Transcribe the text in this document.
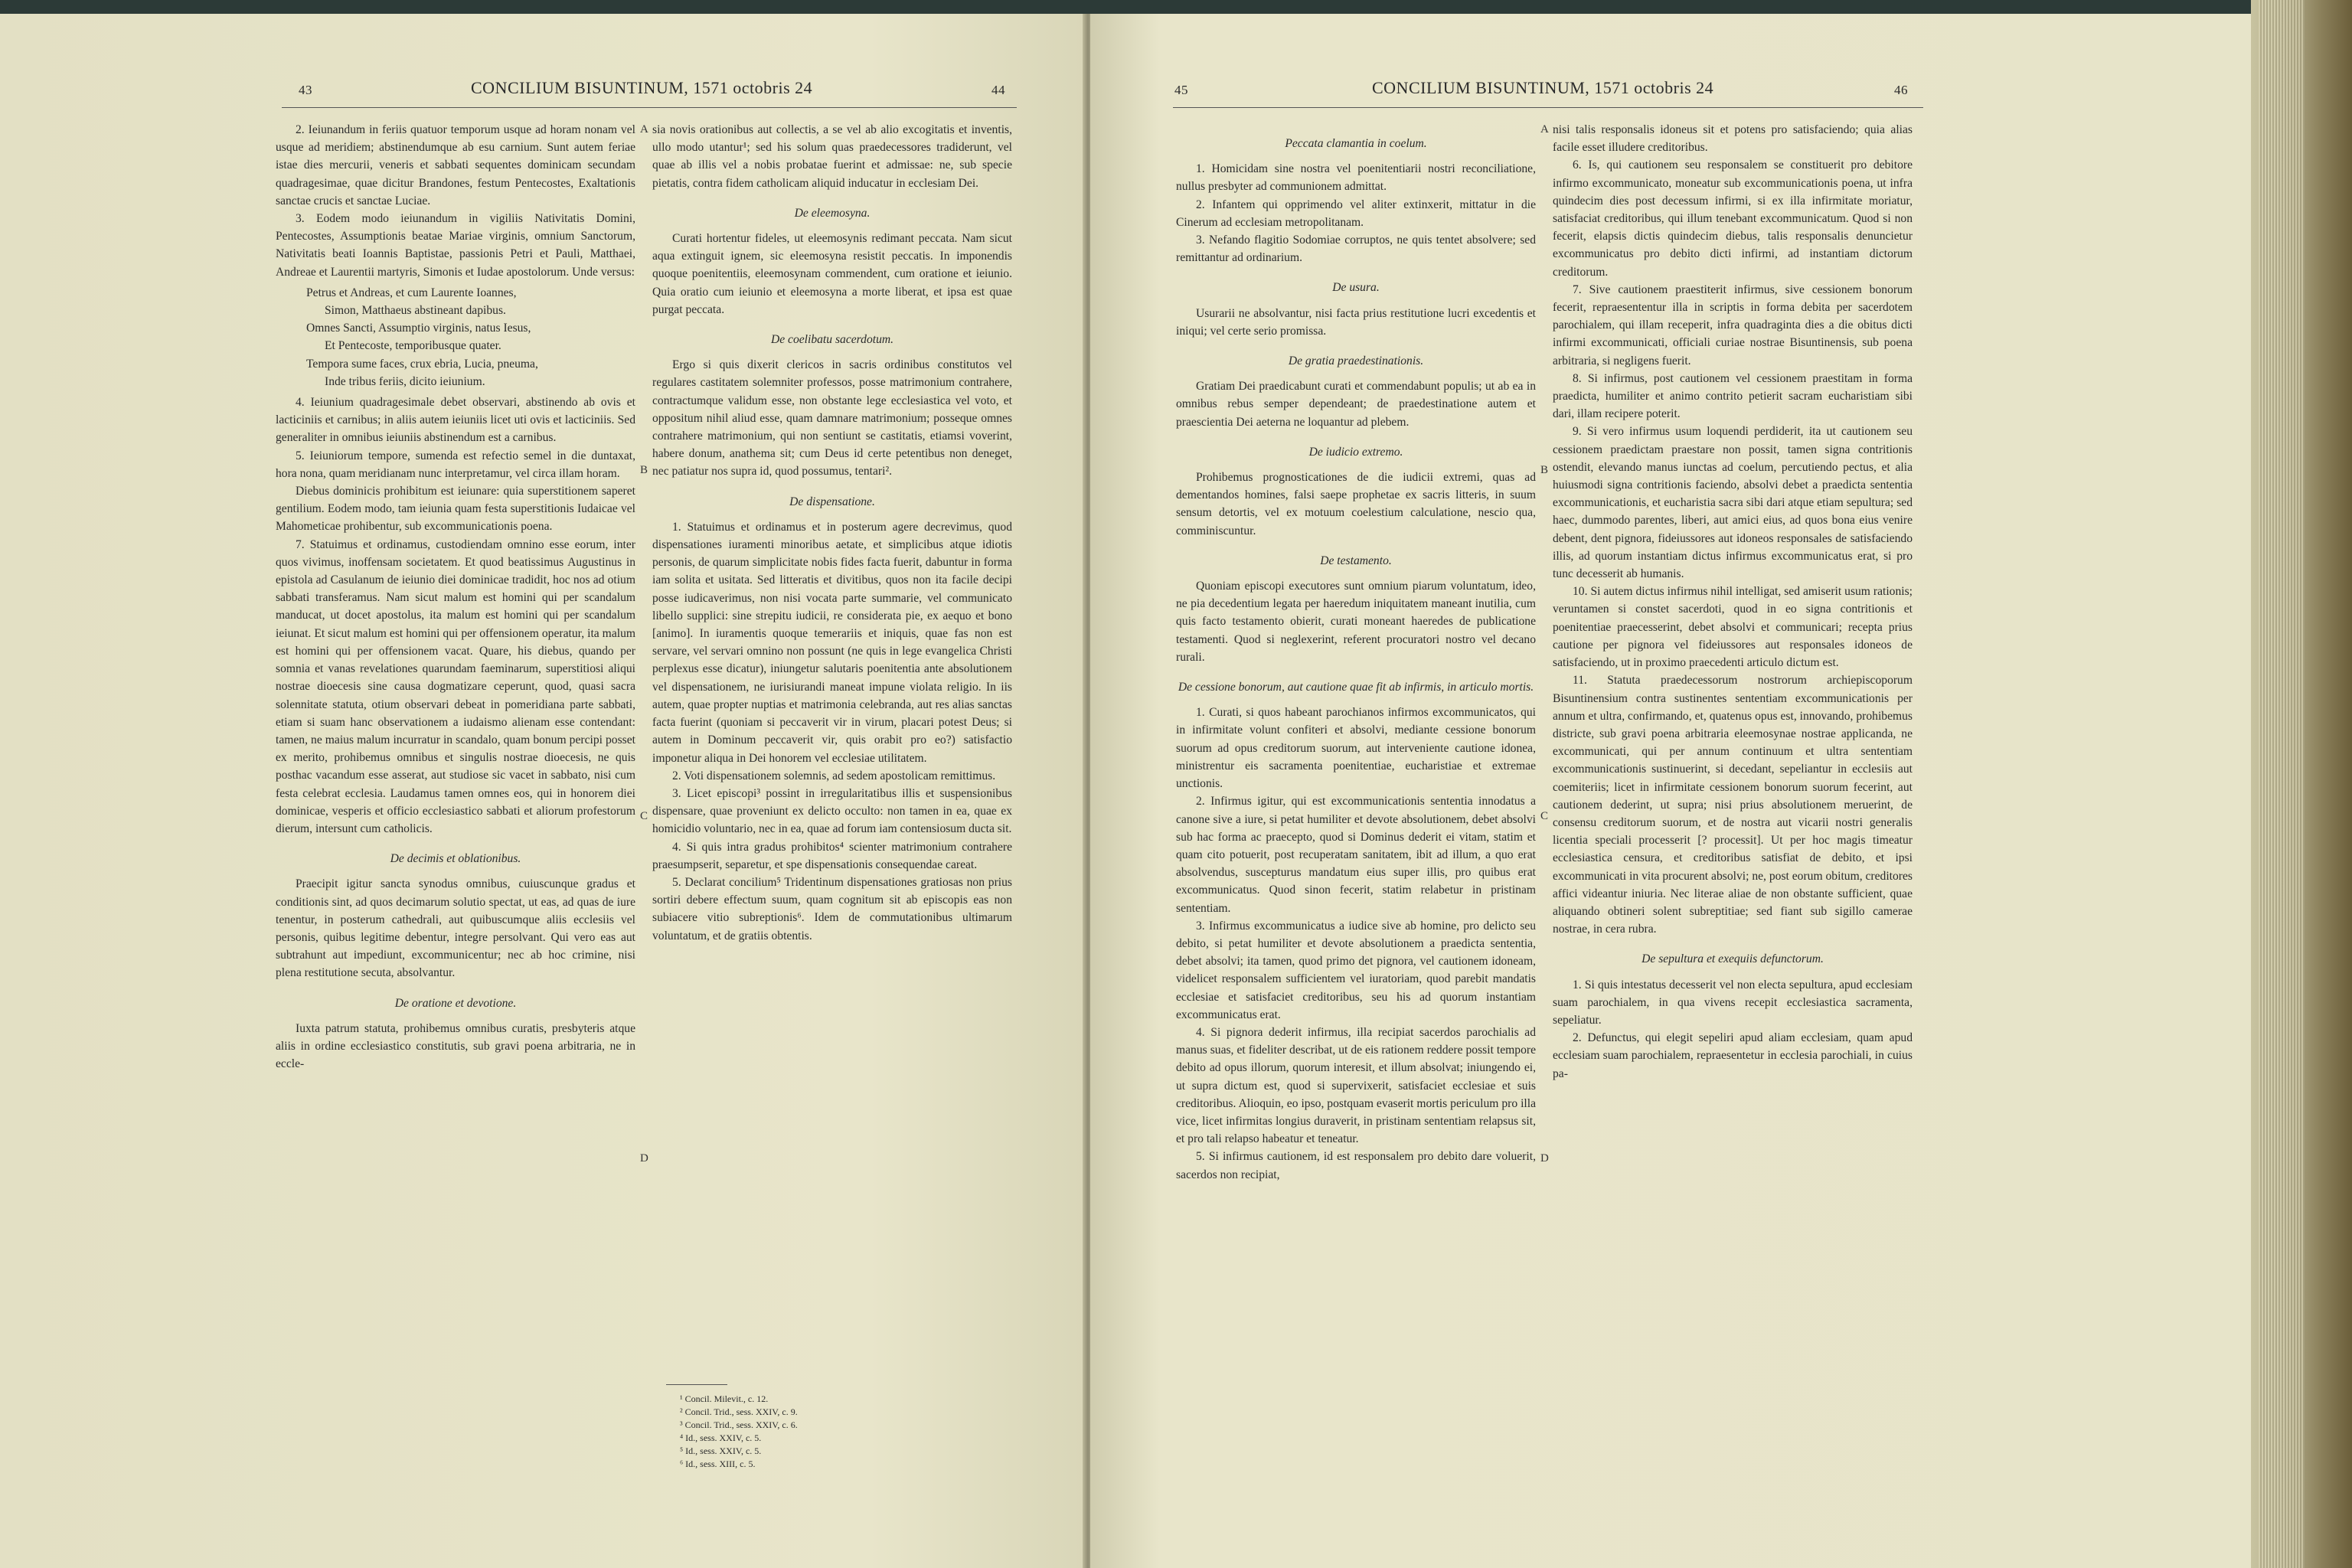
43	CONCILIUM BISUNTINUM, 1571 octobris 24	44

2. Ieiunandum in feriis quatuor temporum usque ad horam nonam vel usque ad meridiem; abstinendumque ab esu carnium. Sunt autem feriae istae dies mercurii, veneris et sabbati sequentes dominicam secundam quadragesimae, quae dicitur Brandones, festum Pentecostes, Exaltationis sanctae crucis et sanctae Luciae.

3. Eodem modo ieiunandum in vigiliis Nativitatis Domini, Pentecostes, Assumptionis beatae Mariae virginis, omnium Sanctorum, Nativitatis beati Ioannis Baptistae, passionis Petri et Pauli, Matthaei, Andreae et Laurentii martyris, Simonis et Iudae apostolorum. Unde versus:

Petrus et Andreas, et cum Laurente Ioannes,

Simon, Matthaeus abstineant dapibus.

Omnes Sancti, Assumptio virginis, natus Iesus,

Et Pentecoste, temporibusque quater.

Tempora sume faces, crux ebria, Lucia, pneuma,

Inde tribus feriis, dicito ieiunium.

4. Ieiunium quadragesimale debet observari, abstinendo ab ovis et lacticiniis et carnibus; in aliis autem ieiuniis licet uti ovis et lacticiniis. Sed generaliter in omnibus ieiuniis abstinendum est a carnibus.

5. Ieiuniorum tempore, sumenda est refectio semel in die duntaxat, hora nona, quam meridianam nunc interpretamur, vel circa illam horam.

Diebus dominicis prohibitum est ieiunare: quia superstitionem saperet gentilium. Eodem modo, tam ieiunia quam festa superstitionis Iudaicae vel Mahometicae prohibentur, sub excommunicationis poena.

7. Statuimus et ordinamus, custodiendam omnino esse eorum, inter quos vivimus, inoffensam societatem. Et quod beatissimus Augustinus in epistola ad Casulanum de ieiunio diei dominicae tradidit, hoc nos ad otium sabbati transferamus. Nam sicut malum est homini qui per scandalum manducat, ut docet apostolus, ita malum est homini qui per scandalum ieiunat. Et sicut malum est homini qui per offensionem operatur, ita malum est homini qui per offensionem vacat. Quare, his diebus, quando per somnia et vanas revelationes quarundam faeminarum, superstitiosi aliqui nostrae dioecesis sine causa dogmatizare ceperunt, quod, quasi sacra solennitate statuta, otium observari debeat in pomeridiana parte sabbati, etiam si suam hanc observationem a iudaismo alienam esse contendant: tamen, ne maius malum incurratur in scandalo, quam bonum percipi posset ex merito, prohibemus omnibus et singulis nostrae dioecesis, ne quis posthac vacandum esse asserat, aut studiose sic vacet in sabbato, nisi cum festa celebrat ecclesia. Laudamus tamen omnes eos, qui in honorem diei dominicae, vesperis et officio ecclesiastico sabbati et aliorum profestorum dierum, intersunt cum catholicis.

De decimis et oblationibus.

Praecipit igitur sancta synodus omnibus, cuiuscunque gradus et conditionis sint, ad quos decimarum solutio spectat, ut eas, ad quas de iure tenentur, in posterum cathedrali, aut quibuscumque aliis ecclesiis vel personis, quibus legitime debentur, integre persolvant. Qui vero eas aut subtrahunt aut impediunt, excommunicentur; nec ab hoc crimine, nisi plena restitutione secuta, absolvantur.

De oratione et devotione.

Iuxta patrum statuta, prohibemus omnibus curatis, presbyteris atque aliis in ordine ecclesiastico constitutis, sub gravi poena arbitraria, ne in eccle-

A
B
C
D

sia novis orationibus aut collectis, a se vel ab alio excogitatis et inventis, ullo modo utantur¹; sed his solum quas praedecessores tradiderunt, vel quae ab illis vel a nobis probatae fuerint et admissae: ne, sub specie pietatis, contra fidem catholicam aliquid inducatur in ecclesiam Dei.

De eleemosyna.

Curati hortentur fideles, ut eleemosynis redimant peccata. Nam sicut aqua extinguit ignem, sic eleemosyna resistit peccatis. In imponendis quoque poenitentiis, eleemosynam commendent, cum oratione et ieiunio. Quia oratio cum ieiunio et eleemosyna a morte liberat, et ipsa est quae purgat peccata.

De coelibatu sacerdotum.

Ergo si quis dixerit clericos in sacris ordinibus constitutos vel regulares castitatem solemniter professos, posse matrimonium contrahere, contractumque validum esse, non obstante lege ecclesiastica vel voto, et oppositum nihil aliud esse, quam damnare matrimonium; posseque omnes contrahere matrimonium, qui non sentiunt se castitatis, etiamsi voverint, habere donum, anathema sit; cum Deus id certe petentibus non deneget, nec patiatur nos supra id, quod possumus, tentari².

De dispensatione.

1. Statuimus et ordinamus et in posterum agere decrevimus, quod dispensationes iuramenti minoribus aetate, et simplicibus atque idiotis personis, de quarum simplicitate nobis fides facta fuerit, dabuntur in forma iam solita et usitata. Sed litteratis et divitibus, quos non ita facile decipi posse iudicaverimus, non nisi vocata parte summarie, vel communicato libello supplici: sine strepitu iudicii, re considerata pie, ex aequo et bono [animo]. In iuramentis quoque temerariis et iniquis, quae fas non est servare, vel servari omnino non possunt (ne quis in lege evangelica Christi perplexus esse dicatur), iniungetur salutaris poenitentia ante absolutionem vel dispensationem, ne iurisiurandi maneat impune violata religio. In iis autem, quae propter nuptias et matrimonia celebranda, aut res alias sanctas facta fuerint (quoniam si peccaverit vir in virum, placari potest Deus; si autem in Dominum peccaverit vir, quis orabit pro eo?) satisfactio imponetur aliqua in Dei honorem vel ecclesiae utilitatem.

2. Voti dispensationem solemnis, ad sedem apostolicam remittimus.

3. Licet episcopi³ possint in irregularitatibus illis et suspensionibus dispensare, quae proveniunt ex delicto occulto: non tamen in ea, quae ex homicidio voluntario, nec in ea, quae ad forum iam contensiosum ducta sit.

4. Si quis intra gradus prohibitos⁴ scienter matrimonium contrahere praesumpserit, separetur, et spe dispensationis consequendae careat.

5. Declarat concilium⁵ Tridentinum dispensationes gratiosas non prius sortiri debere effectum suum, quam cognitum sit ab episcopis eas non subiacere vitio subreptionis⁶. Idem de commutationibus ultimarum voluntatum, et de gratiis obtentis.

¹ Concil. Milevit., c. 12.
² Concil. Trid., sess. XXIV, c. 9.
³ Concil. Trid., sess. XXIV, c. 6.
⁴ Id., sess. XXIV, c. 5.
⁵ Id., sess. XXIV, c. 5.
⁶ Id., sess. XIII, c. 5.
45	CONCILIUM BISUNTINUM, 1571 octobris 24	46

Peccata clamantia in coelum.

1. Homicidam sine nostra vel poenitentiarii nostri reconciliatione, nullus presbyter ad communionem admittat.

2. Infantem qui opprimendo vel aliter extinxerit, mittatur in die Cinerum ad ecclesiam metropolitanam.

3. Nefando flagitio Sodomiae corruptos, ne quis tentet absolvere; sed remittantur ad ordinarium.

De usura.

Usurarii ne absolvantur, nisi facta prius restitutione lucri excedentis et iniqui; vel certe serio promissa.

De gratia praedestinationis.

Gratiam Dei praedicabunt curati et commendabunt populis; ut ab ea in omnibus rebus semper dependeant; de praedestinatione autem et praescientia Dei aeterna ne loquantur ad plebem.

De iudicio extremo.

Prohibemus prognosticationes de die iudicii extremi, quas ad dementandos homines, falsi saepe prophetae ex sacris litteris, in suum sensum detortis, vel ex motuum coelestium calculatione, nescio qua, comminiscuntur.

De testamento.

Quoniam episcopi executores sunt omnium piarum voluntatum, ideo, ne pia decedentium legata per haeredum iniquitatem maneant inutilia, cum quis facto testamento obierit, curati moneant haeredes de publicatione testamenti. Quod si neglexerint, referent procuratori nostro vel decano rurali.

De cessione bonorum, aut cautione quae fit ab infirmis, in articulo mortis.

1. Curati, si quos habeant parochianos infirmos excommunicatos, qui in infirmitate volunt confiteri et absolvi, mediante cessione bonorum suorum ad opus creditorum suorum, aut interveniente cautione idonea, ministrentur eis sacramenta poenitentiae, eucharistiae et extremae unctionis.

2. Infirmus igitur, qui est excommunicationis sententia innodatus a canone sive a iure, si petat humiliter et devote absolutionem, debet absolvi sub hac forma ac praecepto, quod si Dominus dederit ei vitam, statim et quam cito potuerit, post recuperatam sanitatem, ibit ad illum, a quo erat absolvendus, suscepturus mandatum eius super illis, pro quibus erat excommunicatus. Quod sinon fecerit, statim relabetur in pristinam sententiam.

3. Infirmus excommunicatus a iudice sive ab homine, pro delicto seu debito, si petat humiliter et devote absolutionem a praedicta sententia, debet absolvi; ita tamen, quod primo det pignora, vel cautionem idoneam, videlicet responsalem sufficientem vel iuratoriam, quod parebit mandatis ecclesiae et satisfaciet creditoribus, seu his ad quorum instantiam excommunicatus erat.

4. Si pignora dederit infirmus, illa recipiat sacerdos parochialis ad manus suas, et fideliter describat, ut de eis rationem reddere possit tempore debito ad opus illorum, quorum interesit, et illum absolvat; iniungendo ei, ut supra dictum est, quod si supervixerit, satisfaciet ecclesiae et suis creditoribus. Alioquin, eo ipso, postquam evaserit mortis periculum pro illa vice, licet infirmitas longius duraverit, in pristinam sententiam relapsus sit, et pro tali relapso habeatur et teneatur.

5. Si infirmus cautionem, id est responsalem pro debito dare voluerit, sacerdos non recipiat,

A
B
C
D

nisi talis responsalis idoneus sit et potens pro satisfaciendo; quia alias facile esset illudere creditoribus.

6. Is, qui cautionem seu responsalem se constituerit pro debitore infirmo excommunicato, moneatur sub excommunicationis poena, ut infra quindecim dies post decessum infirmi, si ex illa infirmitate moriatur, satisfaciat creditoribus, qui illum tenebant excommunicatum. Quod si non fecerit, elapsis dictis quindecim diebus, talis responsalis denuncietur excommunicatus pro debito dicti infirmi, ad instantiam dictorum creditorum.

7. Sive cautionem praestiterit infirmus, sive cessionem bonorum fecerit, repraesententur illa in scriptis in forma debita per sacerdotem parochialem, qui illam receperit, infra quadraginta dies a die obitus dicti infirmi excommunicati, officiali curiae nostrae Bisuntinensis, sub poena arbitraria, si negligens fuerit.

8. Si infirmus, post cautionem vel cessionem praestitam in forma praedicta, humiliter et animo contrito petierit sacram eucharistiam sibi dari, illam recipere poterit.

9. Si vero infirmus usum loquendi perdiderit, ita ut cautionem seu cessionem praedictam praestare non possit, tamen signa contritionis ostendit, elevando manus iunctas ad coelum, percutiendo pectus, et alia huiusmodi signa contritionis faciendo, absolvi debet a praedicta sententia excommunicationis, et eucharistia sacra sibi dari atque etiam sepultura; sed haec, dummodo parentes, liberi, aut amici eius, ad quos bona eius venire debent, dent pignora, fideiussores aut idoneos responsales de satisfaciendo illis, ad quorum instantiam dictus infirmus excommunicatus erat, si pro tunc decesserit ab humanis.

10. Si autem dictus infirmus nihil intelligat, sed amiserit usum rationis; veruntamen si constet sacerdoti, quod in eo signa contritionis et poenitentiae praecesserint, debet absolvi et communicari; recepta prius cautione per pignora vel fideiussores aut responsales idoneos de satisfaciendo, ut in proximo praecedenti articulo dictum est.

11. Statuta praedecessorum nostrorum archiepiscoporum Bisuntinensium contra sustinentes sententiam excommunicationis per annum et ultra, confirmando, et, quatenus opus est, innovando, prohibemus districte, sub gravi poena arbitraria eleemosynae nostrae applicanda, ne excommunicati, qui per annum continuum et ultra sententiam excommunicationis sustinuerint, si decedant, sepeliantur in ecclesiis aut coemiteriis; licet in infirmitate cessionem bonorum suorum fecerint, aut cautionem dederint, ut supra; nisi prius absolutionem meruerint, de consensu creditorum suorum, et de nostra aut vicarii nostri generalis licentia speciali processerit [? processit]. Ut per hoc magis timeatur ecclesiastica censura, et creditoribus satisfiat de debito, et ipsi excommunicati in vita procurent absolvi; ne, post eorum obitum, creditores affici videantur iniuria. Nec literae aliae de non obstante sufficient, quae aliquando obtineri solent subreptitiae; sed fiant sub sigillo camerae nostrae, in cera rubra.

De sepultura et exequiis defunctorum.

1. Si quis intestatus decesserit vel non electa sepultura, apud ecclesiam suam parochialem, in qua vivens recepit ecclesiastica sacramenta, sepeliatur.

2. Defunctus, qui elegit sepeliri apud aliam ecclesiam, quam apud ecclesiam suam parochialem, repraesentetur in ecclesia parochiali, in cuius pa-
